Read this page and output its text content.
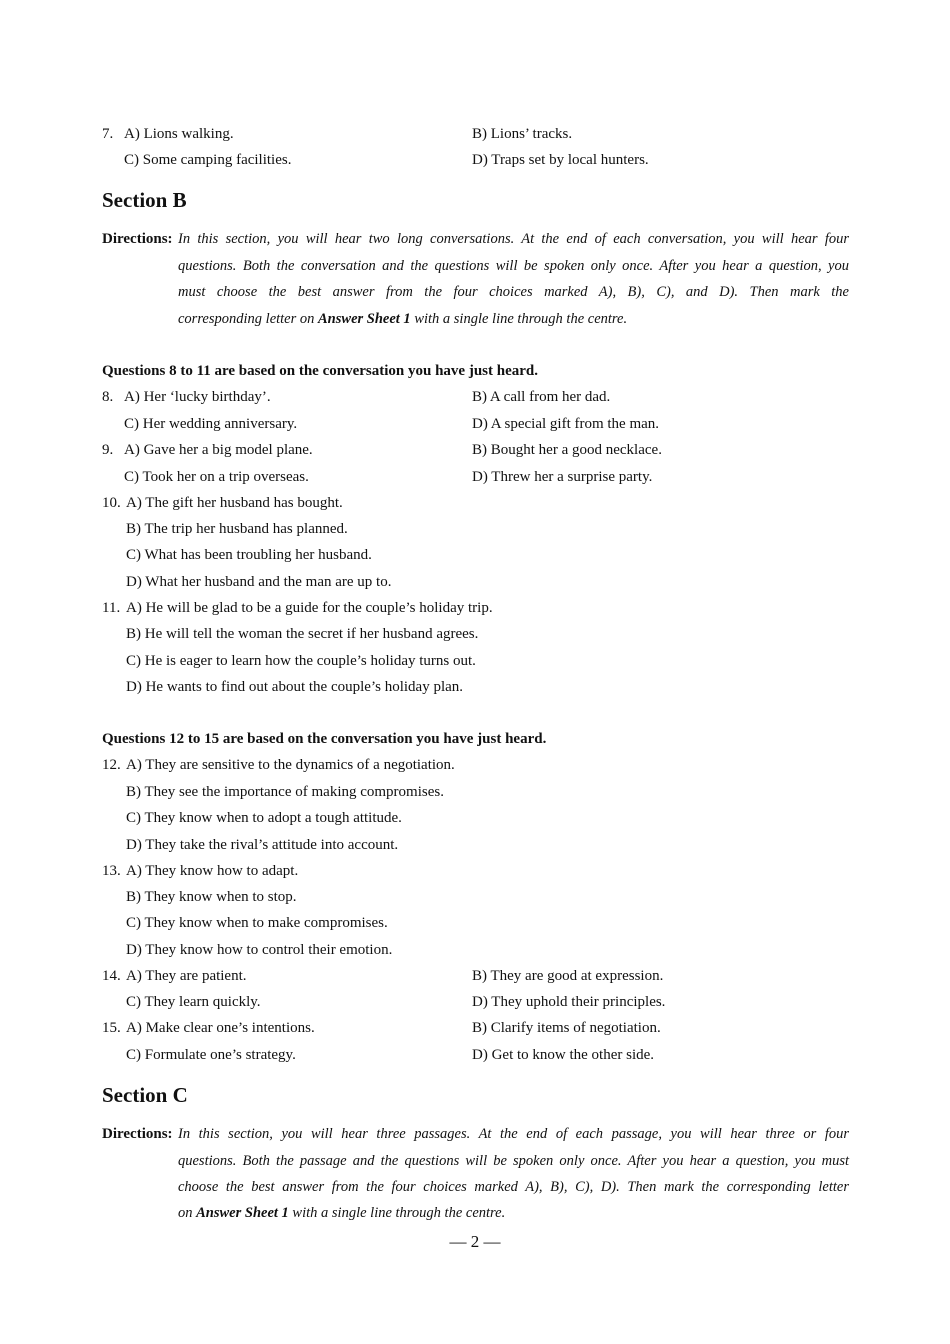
7. A) Lions walking.	B) Lions’ tracks.
C) Some camping facilities.	D) Traps set by local hunters.
Section B
Directions: In this section, you will hear two long conversations. At the end of each conversation, you will hear four
questions. Both the conversation and the questions will be spoken only once. After you hear a question, you
must choose the best answer from the four choices marked A), B), C), and D). Then mark the
corresponding letter on Answer Sheet 1 with a single line through the centre.
Questions 8 to 11 are based on the conversation you have just heard.
8. A) Her ‘lucky birthday’.	B) A call from her dad.
C) Her wedding anniversary.	D) A special gift from the man.
9. A) Gave her a big model plane.	B) Bought her a good necklace.
C) Took her on a trip overseas.	D) Threw her a surprise party.
10. A) The gift her husband has bought.
B) The trip her husband has planned.
C) What has been troubling her husband.
D) What her husband and the man are up to.
11. A) He will be glad to be a guide for the couple’s holiday trip.
B) He will tell the woman the secret if her husband agrees.
C) He is eager to learn how the couple’s holiday turns out.
D) He wants to find out about the couple’s holiday plan.
Questions 12 to 15 are based on the conversation you have just heard.
12. A) They are sensitive to the dynamics of a negotiation.
B) They see the importance of making compromises.
C) They know when to adopt a tough attitude.
D) They take the rival’s attitude into account.
13. A) They know how to adapt.
B) They know when to stop.
C) They know when to make compromises.
D) They know how to control their emotion.
14. A) They are patient.	B) They are good at expression.
C) They learn quickly.	D) They uphold their principles.
15. A) Make clear one’s intentions.	B) Clarify items of negotiation.
C) Formulate one’s strategy.	D) Get to know the other side.
Section C
Directions: In this section, you will hear three passages. At the end of each passage, you will hear three or four
questions. Both the passage and the questions will be spoken only once. After you hear a question, you must
choose the best answer from the four choices marked A), B), C), D). Then mark the corresponding letter
on Answer Sheet 1 with a single line through the centre.
— 2 —
